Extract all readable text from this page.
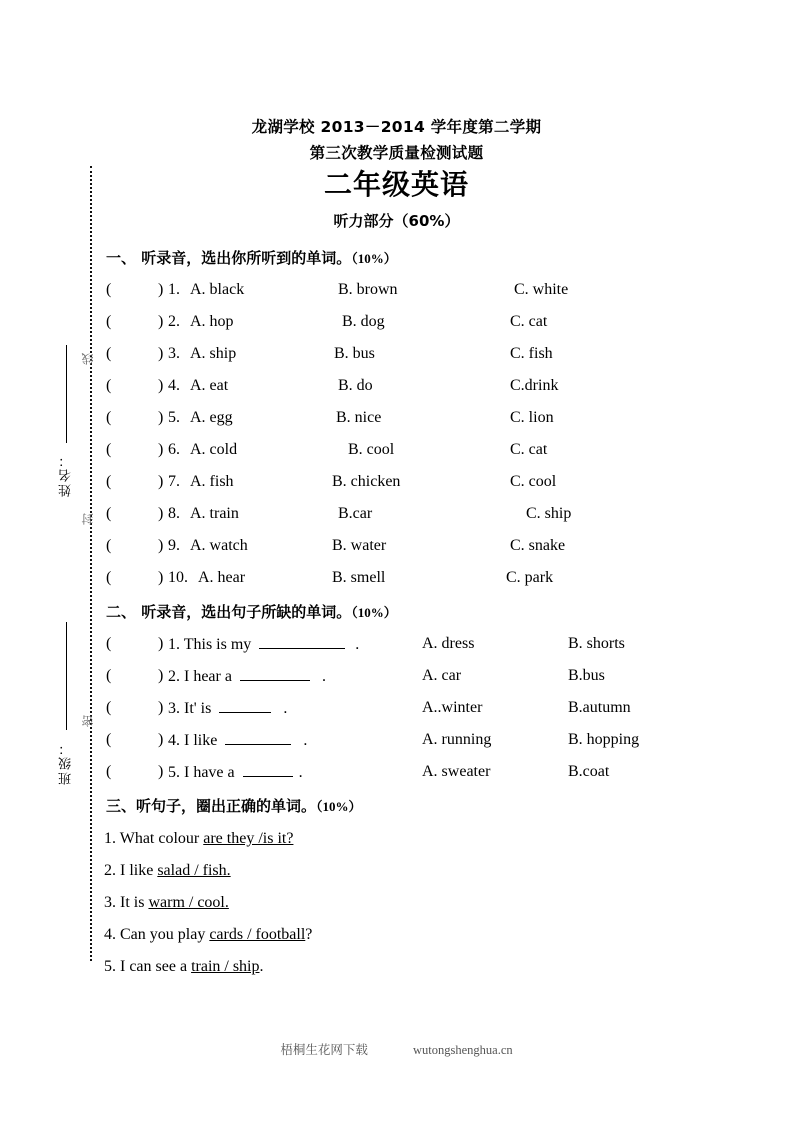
线
封
密
姓名：
班级：
龙湖学校 2013－2014 学年度第二学期
第三次教学质量检测试题
二年级英语
听力部分（60%）
一、 听录音，选出你所听到的单词。（10%）
(	) 1. A. black	B. brown	C. white
(	) 2. A. hop	B. dog	C. cat
(	) 3. A. ship	B. bus	C. fish
(	) 4. A. eat	B. do	C.drink
(	) 5. A. egg	B. nice	C. lion
(	) 6. A. cold	B. cool	C. cat
(	) 7. A. fish	B. chicken	C. cool
(	) 8. A. train	B.car	C. ship
(	) 9. A. watch	B. water	C. snake
(	) 10. A. hear	B. smell	C. park
二、 听录音，选出句子所缺的单词。（10%）
(	) 1. This is my	.	A. dress	B. shorts
(	) 2. I hear a	.	A. car	B.bus
(	) 3. It' is	.	A..winter	B.autumn
(	) 4. I like	.	A. running	B. hopping
(	) 5. I have a	.	A. sweater	B.coat
三、听句子，圈出正确的单词。（10%）
1. What colour are they /is it?
2. I like salad / fish.
3. It is warm / cool.
4. Can you play cards / football?
5. I can see a train / ship.
梧桐生花网下载	wutongshenghua.cn
